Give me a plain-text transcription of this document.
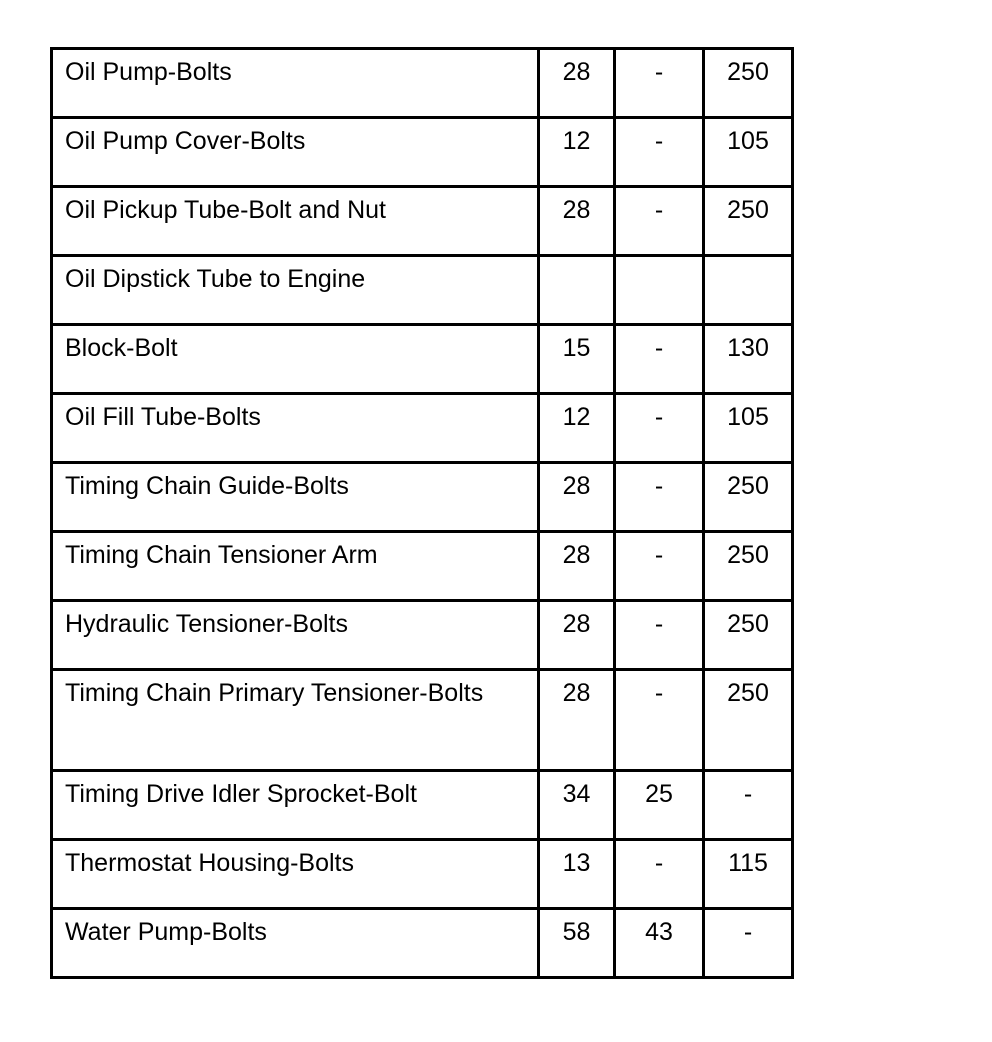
Oil Pump-Bolts	28	-	250
Oil Pump Cover-Bolts	12	-	105
Oil Pickup Tube-Bolt and Nut	28	-	250
Oil Dipstick Tube to Engine			
Block-Bolt	15	-	130
Oil Fill Tube-Bolts	12	-	105
Timing Chain Guide-Bolts	28	-	250
Timing Chain Tensioner Arm	28	-	250
Hydraulic Tensioner-Bolts	28	-	250
Timing Chain Primary Tensioner-Bolts	28	-	250
Timing Drive Idler Sprocket-Bolt	34	25	-
Thermostat Housing-Bolts	13	-	115
Water Pump-Bolts	58	43	-
